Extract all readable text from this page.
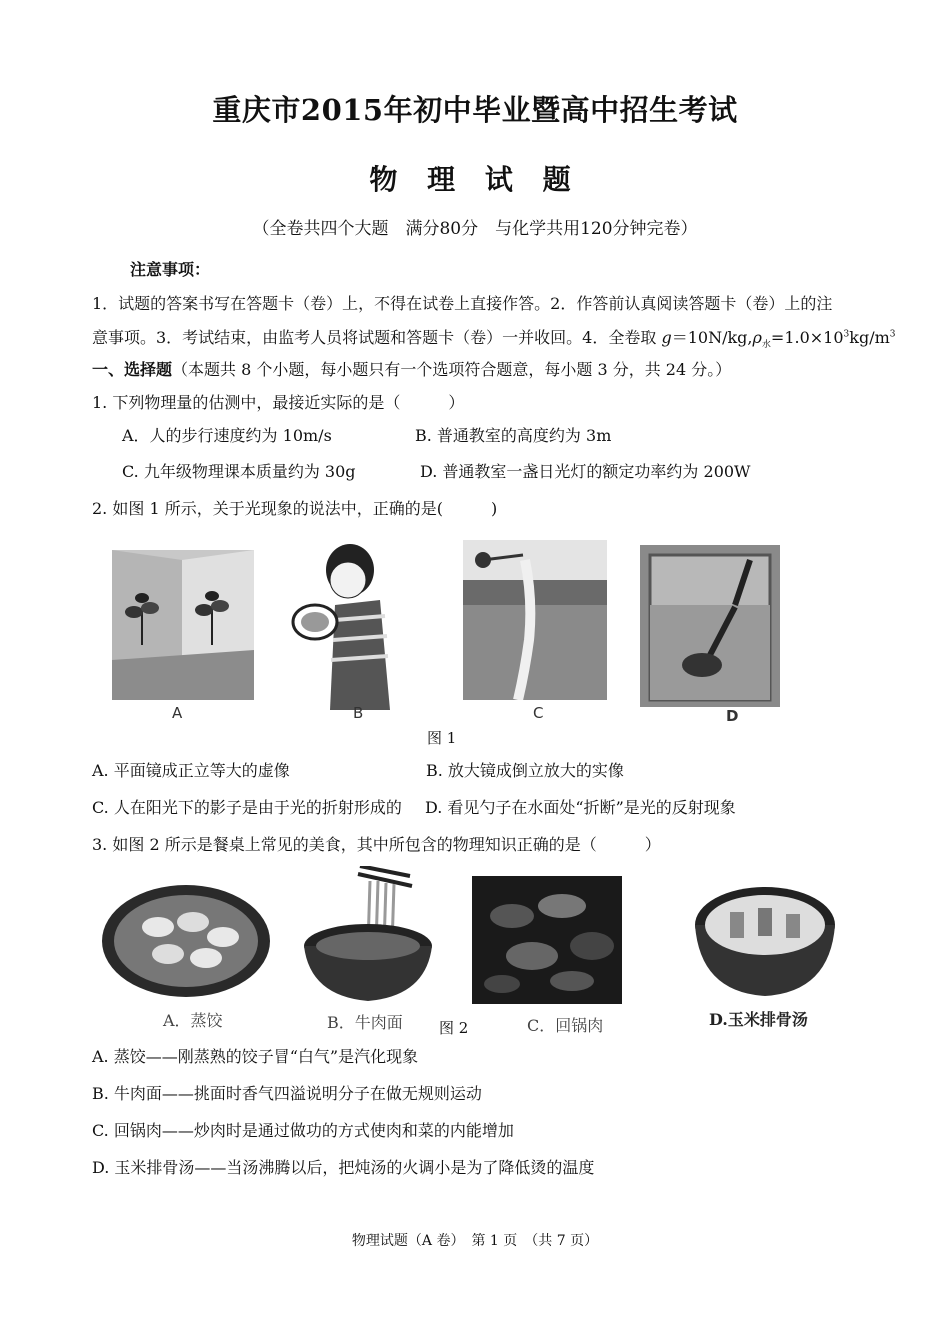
重庆市2015年初中毕业暨高中招生考试
物 理 试 题
（全卷共四个大题　满分80分　与化学共用120分钟完卷）
注意事项：
1．试题的答案书写在答题卡（卷）上，不得在试卷上直接作答。2．作答前认真阅读答题卡（卷）上的注
意事项。3．考试结束，由监考人员将试题和答题卡（卷）一并收回。4．全卷取 $g=10N/kg,\rho_水=1.0\times 10^3kg/m^3$
一、选择题（本题共 8 个小题，每小题只有一个选项符合题意，每小题 3 分，共 24 分。）
1. 下列物理量的估测中，最接近实际的是（　　　）
A．人的步行速度约为 10m/s	B. 普通教室的高度约为 3m
C. 九年级物理课本质量约为 30g	D. 普通教室一盏日光灯的额定功率约为 200W
2. 如图 1 所示，关于光现象的说法中，正确的是(　　　)
A	B	C	D
图 1
A. 平面镜成正立等大的虚像	B. 放大镜成倒立放大的实像
C. 人在阳光下的影子是由于光的折射形成的 D. 看见勺子在水面处“折断”是光的反射现象
3. 如图 2 所示是餐桌上常见的美食，其中所包含的物理知识正确的是（　　　）
A．蒸饺	B．牛肉面	C．回锅肉	D.玉米排骨汤
图 2
A. 蒸饺——刚蒸熟的饺子冒“白气”是汽化现象
B. 牛肉面——挑面时香气四溢说明分子在做无规则运动
C. 回锅肉——炒肉时是通过做功的方式使肉和菜的内能增加
D. 玉米排骨汤——当汤沸腾以后，把炖汤的火调小是为了降低烫的温度
物理试题（A 卷）　第 1 页　（共 7 页）
